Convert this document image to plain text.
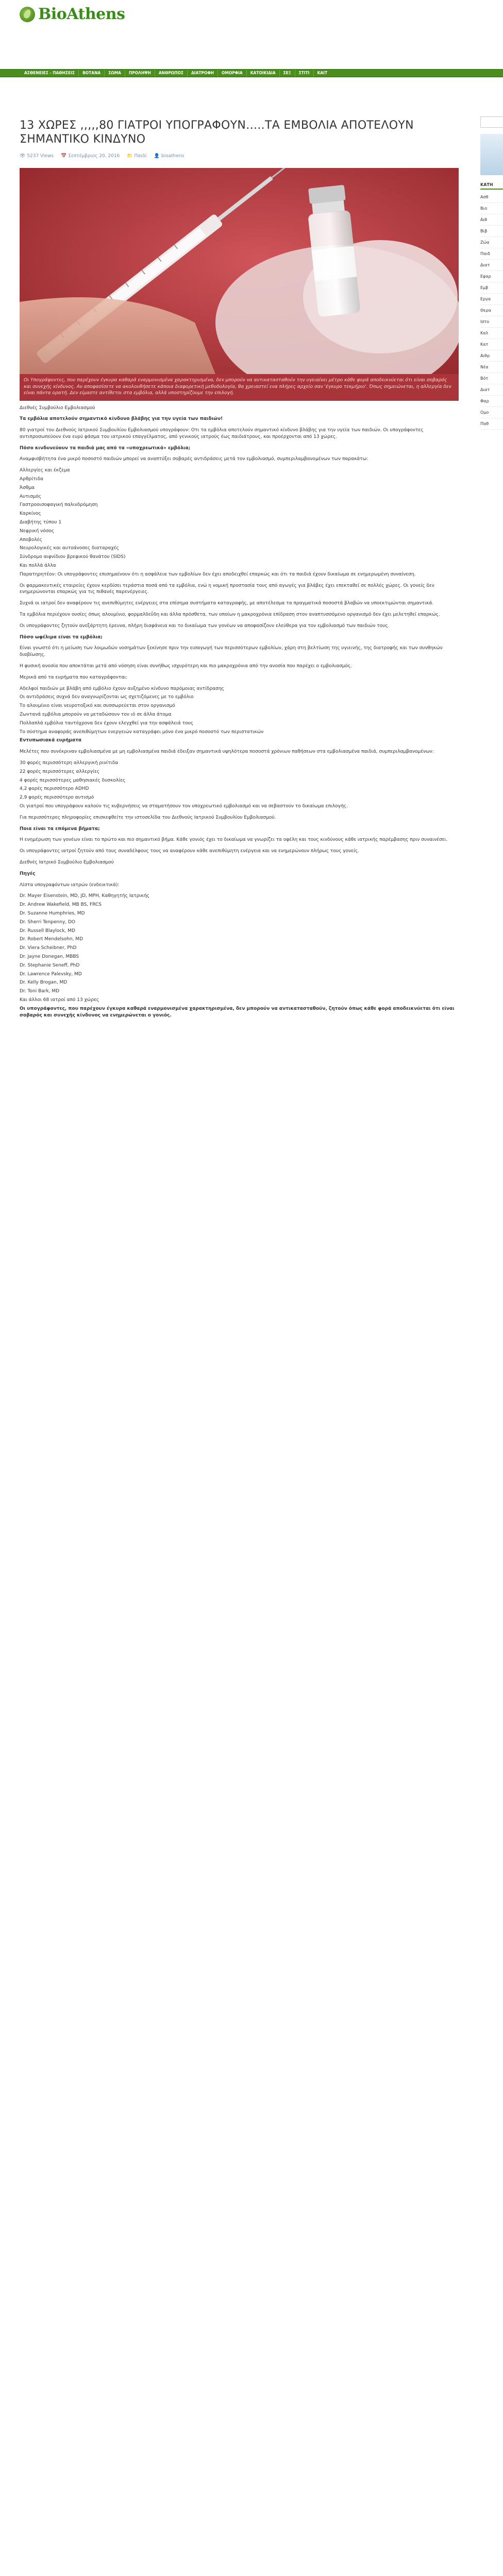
BioAthens
ΑΣΘΕΝΕΙΕΣ - ΠΑΘΗΣΕΙΣ	ΒΟΤΑΝΑ	ΣΩΜΑ	ΠΡΟΛΗΨΗ	ΑΝΘΡΩΠΟΣ	ΔΙΑΤΡΟΦΗ	ΟΜΟΡΦΙΑ	ΚΑΤΟΙΚΙΔΙΑ	ΣΕΞ	ΣΤΙΤΙ	ΚΑΙΤ
13 ΧΩΡΕΣ ,,,,,80 ΓΙΑΤΡΟΙ ΥΠΟΓΡΑΦΟΥΝ…..ΤΑ ΕΜΒΟΛΙΑ ΑΠΟΤΕΛΟΥΝ ΣΗΜΑΝΤΙΚΟ ΚΙΝΔΥΝΟ
👁 5237 Views 📅 Σεπτέμβριος 20, 2016 📁 Παιδί 👤 bioathens
Οι Υπογράφοντες, που παρέχουν έγκυρα καθαρά εναρμονισμένα χαρακτηρισμένα, δεν μπορούν να αντικατασταθούν την υγειαίνει μέτρο κάθε φορά αποδεικνύεται ότι είναι σοβαρός και συνεχής κίνδυνος. Αν αποφασίσετε να ακολουθήσετε κάποια διαφορετική μεθοδολογία, θα χρειαστεί ενα πλήρες αρχείο σαν 'έγκυρο τεκμήριο'. Όπως σημειώνεται, η αλλεργία δεν είναι πάντα ορατή. Δεν είμαστε αντίθετοι στα εμβόλια, αλλά υποστηρίζουμε την επιλογή.

Διεθνές Συμβούλιο Εμβολιασμού

Τα εμβόλια αποτελούν σημαντικό κίνδυνο βλάβης για την υγεία των παιδιών!

80 γιατροί του Διεθνούς Ιατρικού Συμβουλίου Εμβολιασμού υπογράφουν: Οτι τα εμβόλια αποτελούν σημαντικό κίνδυνο βλάβης για την υγεία των παιδιών. Οι υπογράφοντες αντιπροσωπεύουν ένα ευρύ φάσμα του ιατρικού επαγγέλματος, από γενικούς ιατρούς έως παιδιάτρους, και προέρχονται από 13 χώρες.

Πόσο κινδυνεύουν τα παιδιά μας από τα «υποχρεωτικά» εμβόλια;

Αναμφισβήτητα ένα μικρό ποσοστό παιδιών μπορεί να αναπτύξει σοβαρές αντιδράσεις μετά τον εμβολιασμό, συμπεριλαμβανομένων των παρακάτω:

Αλλεργίες και έκζεμα

Αρθρίτιδα

Άσθμα

Αυτισμός

Γαστροοισοφαγική παλινδρόμηση

Καρκίνος

Διαβήτης τύπου 1

Νεφρική νόσος

Αποβολές

Νευρολογικές και αυτοάνοσες διαταραχές

Σύνδρομο αιφνίδιου βρεφικού θανάτου (SIDS)

Και πολλά άλλα

Παρατηρητέον: Οι υπογράφοντες επισημαίνουν ότι η ασφάλεια των εμβολίων δεν έχει αποδειχθεί επαρκώς και ότι τα παιδιά έχουν δικαίωμα σε ενημερωμένη συναίνεση.

Οι φαρμακευτικές εταιρείες έχουν κερδίσει τεράστια ποσά από τα εμβόλια, ενώ η νομική προστασία τους από αγωγές για βλάβες έχει επεκταθεί σε πολλές χώρες. Οι γονείς δεν ενημερώνονται επαρκώς για τις πιθανές παρενέργειες.

Συχνά οι ιατροί δεν αναφέρουν τις ανεπιθύμητες ενέργειες στα επίσημα συστήματα καταγραφής, με αποτέλεσμα τα πραγματικά ποσοστά βλαβών να υποεκτιμώνται σημαντικά.

Τα εμβόλια περιέχουν ουσίες όπως αλουμίνιο, φορμαλδεΰδη και άλλα πρόσθετα, των οποίων η μακροχρόνια επίδραση στον αναπτυσσόμενο οργανισμό δεν έχει μελετηθεί επαρκώς.

Οι υπογράφοντες ζητούν ανεξάρτητη έρευνα, πλήρη διαφάνεια και το δικαίωμα των γονέων να αποφασίζουν ελεύθερα για τον εμβολιασμό των παιδιών τους.

Πόσο ωφέλιμα είναι τα εμβόλια;

Είναι γνωστό ότι η μείωση των λοιμωδών νοσημάτων ξεκίνησε πριν την εισαγωγή των περισσότερων εμβολίων, χάρη στη βελτίωση της υγιεινής, της διατροφής και των συνθηκών διαβίωσης.

Η φυσική ανοσία που αποκτάται μετά από νόσηση είναι συνήθως ισχυρότερη και πιο μακροχρόνια από την ανοσία που παρέχει ο εμβολιασμός.

Μερικά από τα ευρήματα που καταγράφονται:

Αδελφοί παιδιών με βλάβη από εμβόλιο έχουν αυξημένο κίνδυνο παρόμοιας αντίδρασης

Οι αντιδράσεις συχνά δεν αναγνωρίζονται ως σχετιζόμενες με το εμβόλιο

Το αλουμίνιο είναι νευροτοξικό και συσσωρεύεται στον οργανισμό

Ζωντανά εμβόλια μπορούν να μεταδώσουν τον ιό σε άλλα άτομα

Πολλαπλά εμβόλια ταυτόχρονα δεν έχουν ελεγχθεί για την ασφάλειά τους

Το σύστημα αναφοράς ανεπιθύμητων ενεργειών καταγράφει μόνο ένα μικρό ποσοστό των περιστατικών

Εντυπωσιακά ευρήματα

Μελέτες που συνέκριναν εμβολιασμένα με μη εμβολιασμένα παιδιά έδειξαν σημαντικά υψηλότερα ποσοστά χρόνιων παθήσεων στα εμβολιασμένα παιδιά, συμπεριλαμβανομένων:

30 φορές περισσότερη αλλεργική ρινίτιδα

22 φορές περισσότερες αλλεργίες

4 φορές περισσότερες μαθησιακές δυσκολίες

4,2 φορές περισσότερο ADHD

2,9 φορές περισσότερο αυτισμό

Οι γιατροί που υπογράφουν καλούν τις κυβερνήσεις να σταματήσουν τον υποχρεωτικό εμβολιασμό και να σεβαστούν το δικαίωμα επιλογής.

Για περισσότερες πληροφορίες επισκεφθείτε την ιστοσελίδα του Διεθνούς Ιατρικού Συμβουλίου Εμβολιασμού.

Ποια είναι τα επόμενα βήματα;

Η ενημέρωση των γονέων είναι το πρώτο και πιο σημαντικό βήμα. Κάθε γονιός έχει το δικαίωμα να γνωρίζει τα οφέλη και τους κινδύνους κάθε ιατρικής παρέμβασης πριν συναινέσει.

Οι υπογράφοντες ιατροί ζητούν από τους συναδέλφους τους να αναφέρουν κάθε ανεπιθύμητη ενέργεια και να ενημερώνουν πλήρως τους γονείς.

Διεθνές Ιατρικό Συμβούλιο Εμβολιασμού

Πηγές

Λίστα υπογραφόντων ιατρών (ενδεικτικά):

Dr. Mayer Eisenstein, MD, JD, MPH, Καθηγητής Ιατρικής

Dr. Andrew Wakefield, MB BS, FRCS

Dr. Suzanne Humphries, MD

Dr. Sherri Tenpenny, DO

Dr. Russell Blaylock, MD

Dr. Robert Mendelsohn, MD

Dr. Viera Scheibner, PhD

Dr. Jayne Donegan, MBBS

Dr. Stephanie Seneff, PhD

Dr. Lawrence Palevsky, MD

Dr. Kelly Brogan, MD

Dr. Toni Bark, MD

Και άλλοι 68 ιατροί από 13 χώρες

Οι υπογράφοντες, που παρέχουν έγκυρα καθαρά εναρμονισμένα χαρακτηρισμένα, δεν μπορούν να αντικατασταθούν, ζητούν όπως κάθε φορά αποδεικνύεται ότι είναι σοβαρός και συνεχής κίνδυνος να ενημερώνεται ο γονιός.

ΚΑΤΗ
Ασθ
Βιο
Αιθ
Βιβ
Ζώα
Παιδ
Διατ
Εφαρ
Εμβ
Εργα
Θερα
Ιστο
Καλ
Κατ
Αιθρ
Νέα
Βότ
Διατ
Φαρ
Ομο
Παθ
